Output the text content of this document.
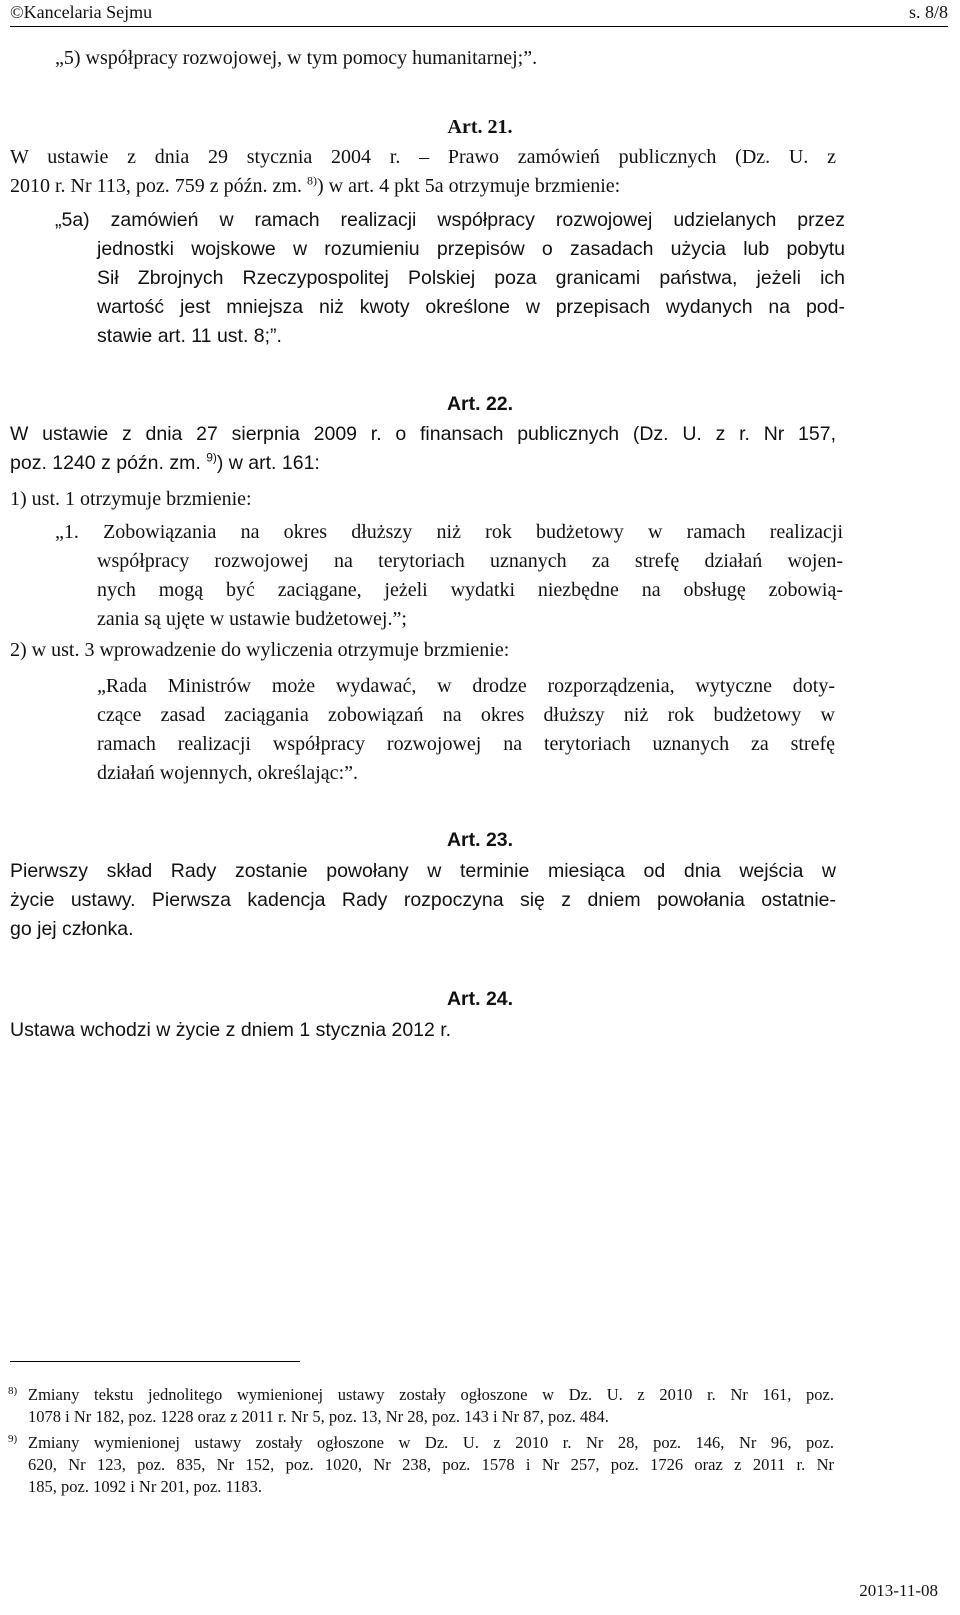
©Kancelaria Sejmu	s. 8/8

„5) współpracy rozwojowej, w tym pomocy humanitarnej;”.

Art. 21.
W ustawie z dnia 29 stycznia 2004 r. – Prawo zamówień publicznych (Dz. U. z
2010 r. Nr 113, poz. 759 z późn. zm. $^{8)}$) w art. 4 pkt 5a otrzymuje brzmienie:
„5a) zamówień w ramach realizacji współpracy rozwojowej udzielanych przez
jednostki wojskowe w rozumieniu przepisów o zasadach użycia lub pobytu
Sił Zbrojnych Rzeczypospolitej Polskiej poza granicami państwa, jeżeli ich
wartość jest mniejsza niż kwoty określone w przepisach wydanych na pod-
stawie art. 11 ust. 8;”.
Art. 22.
W ustawie z dnia 27 sierpnia 2009 r. o finansach publicznych (Dz. U. z r. Nr 157,
poz. 1240 z późn. zm. $^{9)}$) w art. 161:

1) ust. 1 otrzymuje brzmienie:

„1. Zobowiązania na okres dłuższy niż rok budżetowy w ramach realizacji
współpracy rozwojowej na terytoriach uznanych za strefę działań wojen-
nych mogą być zaciągane, jeżeli wydatki niezbędne na obsługę zobowią-
zania są ujęte w ustawie budżetowej.”;

2) w ust. 3 wprowadzenie do wyliczenia otrzymuje brzmienie:

„Rada Ministrów może wydawać, w drodze rozporządzenia, wytyczne doty-
czące zasad zaciągania zobowiązań na okres dłuższy niż rok budżetowy w
ramach realizacji współpracy rozwojowej na terytoriach uznanych za strefę
działań wojennych, określając:”.
Art. 23.
Pierwszy skład Rady zostanie powołany w terminie miesiąca od dnia wejścia w
życie ustawy. Pierwsza kadencja Rady rozpoczyna się z dniem powołania ostatnie-
go jej członka.
Art. 24.

Ustawa wchodzi w życie z dniem 1 stycznia 2012 r.

8) Zmiany tekstu jednolitego wymienionej ustawy zostały ogłoszone w Dz. U. z 2010 r. Nr 161, poz.
1078 i Nr 182, poz. 1228 oraz z 2011 r. Nr 5, poz. 13, Nr 28, poz. 143 i Nr 87, poz. 484.
9) Zmiany wymienionej ustawy zostały ogłoszone w Dz. U. z 2010 r. Nr 28, poz. 146, Nr 96, poz.
620, Nr 123, poz. 835, Nr 152, poz. 1020, Nr 238, poz. 1578 i Nr 257, poz. 1726 oraz z 2011 r. Nr
185, poz. 1092 i Nr 201, poz. 1183.
2013-11-08
